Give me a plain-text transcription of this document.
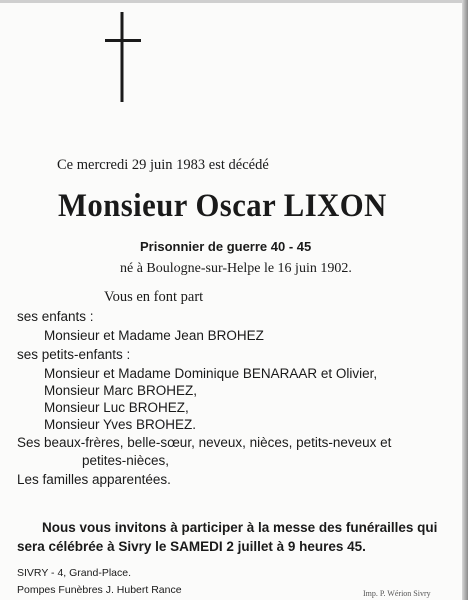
Ce mercredi 29 juin 1983 est décédé
Monsieur Oscar LIXON
Prisonnier de guerre 40 - 45
né à Boulogne-sur-Helpe le 16 juin 1902.
Vous en font part
ses enfants :
Monsieur et Madame Jean BROHEZ
ses petits-enfants :
Monsieur et Madame Dominique BENARAAR et Olivier,
Monsieur Marc BROHEZ,
Monsieur Luc BROHEZ,
Monsieur Yves BROHEZ.
Ses beaux-frères, belle-sœur, neveux, nièces, petits-neveux et
petites-nièces,
Les familles apparentées.
Nous vous invitons à participer à la messe des funérailles qui
sera célébrée à Sivry le SAMEDI 2 juillet à 9 heures 45.
SIVRY - 4, Grand-Place.
Pompes Funèbres J. Hubert Rance	Imp. P. Wérion Sivry
